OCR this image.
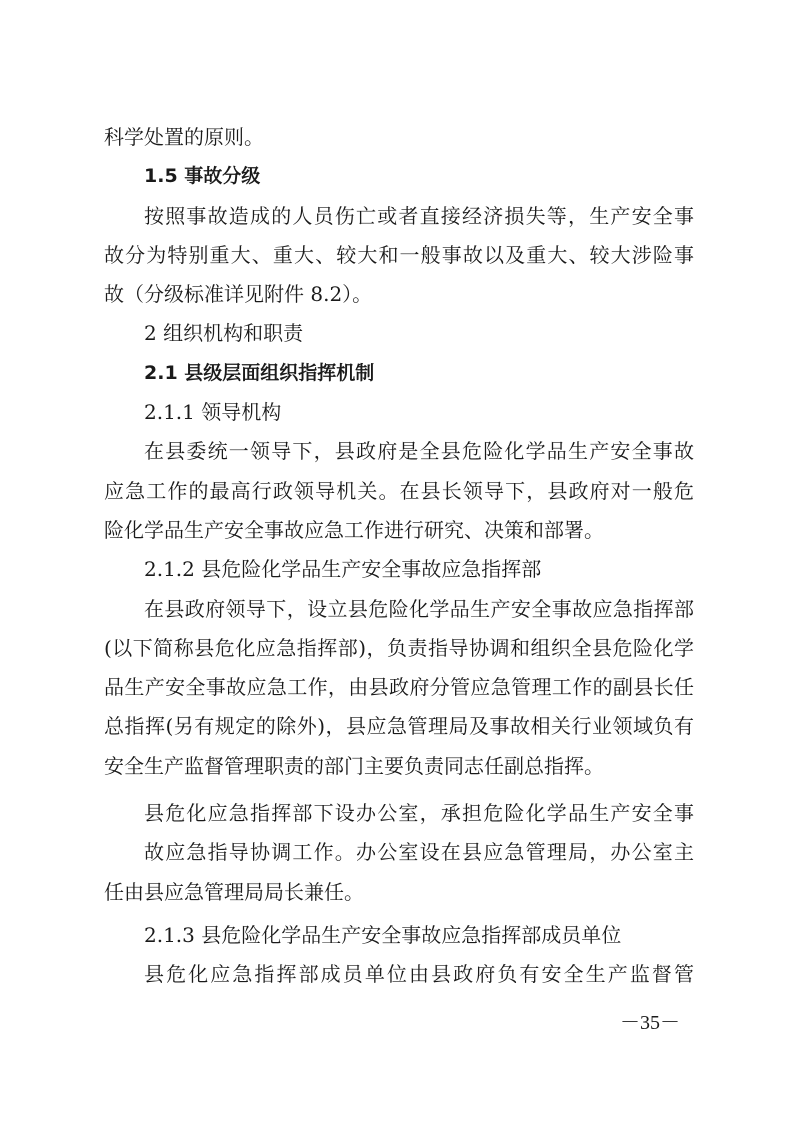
科学处置的原则。
1.5 事故分级
按照事故造成的人员伤亡或者直接经济损失等，生产安全事
故分为特别重大、重大、较大和一般事故以及重大、较大涉险事
故（分级标准详见附件 8.2）。
2 组织机构和职责
2.1 县级层面组织指挥机制
2.1.1 领导机构
在县委统一领导下，县政府是全县危险化学品生产安全事故
应急工作的最高行政领导机关。在县长领导下，县政府对一般危
险化学品生产安全事故应急工作进行研究、决策和部署。
2.1.2 县危险化学品生产安全事故应急指挥部
在县政府领导下，设立县危险化学品生产安全事故应急指挥部
(以下简称县危化应急指挥部)，负责指导协调和组织全县危险化学
品生产安全事故应急工作，由县政府分管应急管理工作的副县长任
总指挥(另有规定的除外)，县应急管理局及事故相关行业领域负有
安全生产监督管理职责的部门主要负责同志任副总指挥。
县危化应急指挥部下设办公室，承担危险化学品生产安全事
故应急指导协调工作。办公室设在县应急管理局，办公室主
任由县应急管理局局长兼任。
2.1.3 县危险化学品生产安全事故应急指挥部成员单位
县危化应急指挥部成员单位由县政府负有安全生产监督管
－35－
